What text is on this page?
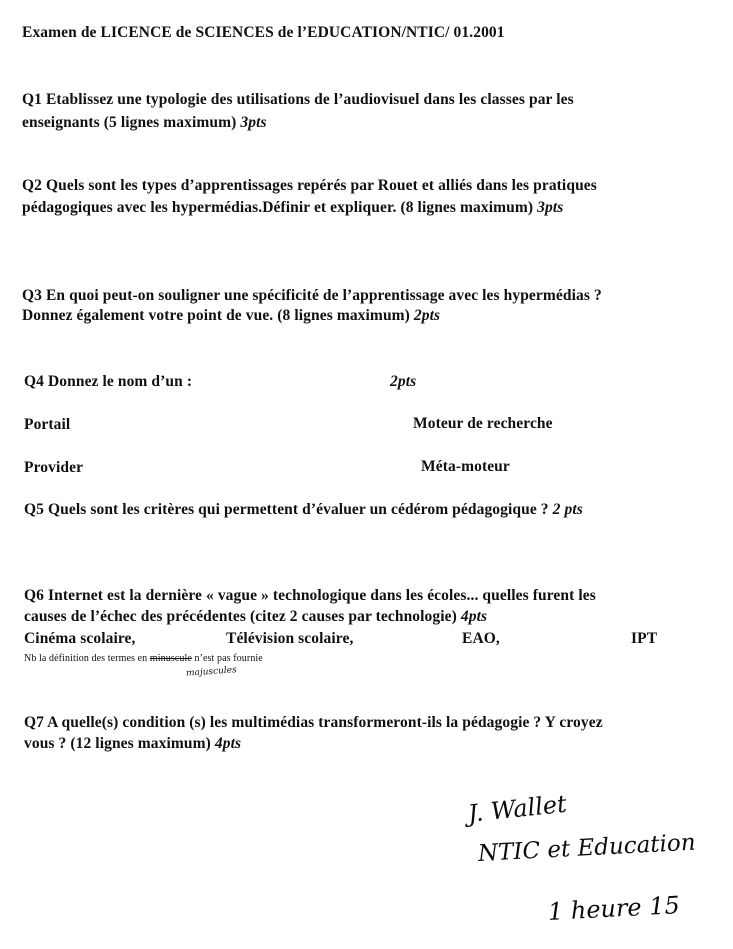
Examen de LICENCE de SCIENCES de l’EDUCATION/NTIC/ 01.2001
Q1 Etablissez une typologie des utilisations de l’audiovisuel dans les classes par les
enseignants (5 lignes maximum) 3pts
Q2 Quels sont les types d’apprentissages repérés par Rouet et alliés dans les pratiques
pédagogiques avec les hypermédias.Définir et expliquer. (8 lignes maximum) 3pts
Q3 En quoi peut-on souligner une spécificité de l’apprentissage avec les hypermédias ?
Donnez également votre point de vue. (8 lignes maximum) 2pts
Q4 Donnez le nom d’un :	2pts
Portail	Moteur de recherche
Provider	Méta-moteur
Q5 Quels sont les critères qui permettent d’évaluer un cédérom pédagogique ? 2 pts
Q6 Internet est la dernière « vague » technologique dans les écoles... quelles furent les
causes de l’échec des précédentes (citez 2 causes par technologie) 4pts
Cinéma scolaire,	Télévision scolaire,	EAO,	IPT
Nb la définition des termes en minuscule n’est pas fournie
majuscules
Q7 A quelle(s) condition (s) les multimédias transformeront-ils la pédagogie ? Y croyez
vous ? (12 lignes maximum) 4pts
J. Wallet
NTIC et Education
1 heure 15
